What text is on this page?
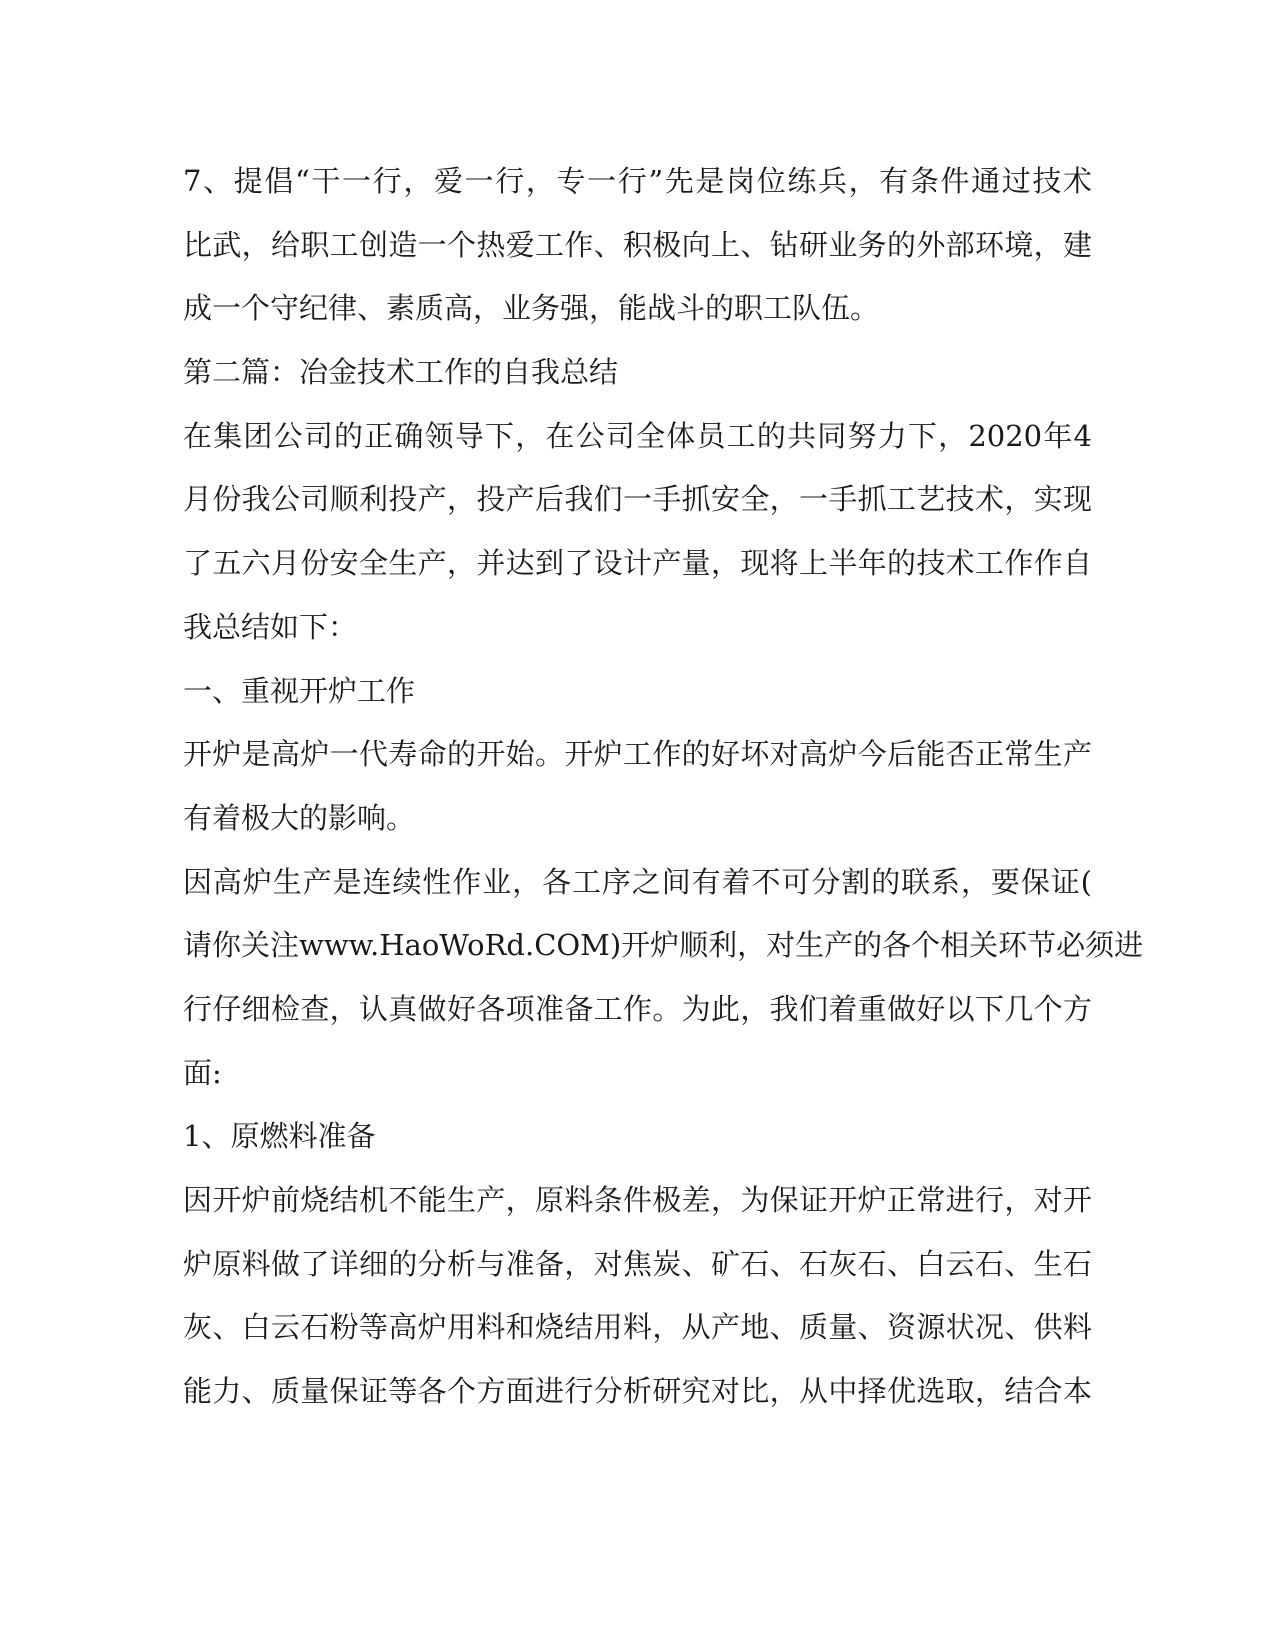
7、提倡“干一行，爱一行，专一行”先是岗位练兵，有条件通过技术
比武，给职工创造一个热爱工作、积极向上、钻研业务的外部环境，建
成一个守纪律、素质高，业务强，能战斗的职工队伍。
第二篇：冶金技术工作的自我总结
在集团公司的正确领导下，在公司全体员工的共同努力下，2020年4
月份我公司顺利投产，投产后我们一手抓安全，一手抓工艺技术，实现
了五六月份安全生产，并达到了设计产量，现将上半年的技术工作作自
我总结如下：
一、重视开炉工作
开炉是高炉一代寿命的开始。开炉工作的好坏对高炉今后能否正常生产
有着极大的影响。
因高炉生产是连续性作业，各工序之间有着不可分割的联系，要保证(
请你关注www.HaoWoRd.COM)开炉顺利，对生产的各个相关环节必须进
行仔细检查，认真做好各项准备工作。为此，我们着重做好以下几个方
面:
1、原燃料准备
因开炉前烧结机不能生产，原料条件极差，为保证开炉正常进行，对开
炉原料做了详细的分析与准备，对焦炭、矿石、石灰石、白云石、生石
灰、白云石粉等高炉用料和烧结用料，从产地、质量、资源状况、供料
能力、质量保证等各个方面进行分析研究对比，从中择优选取，结合本
